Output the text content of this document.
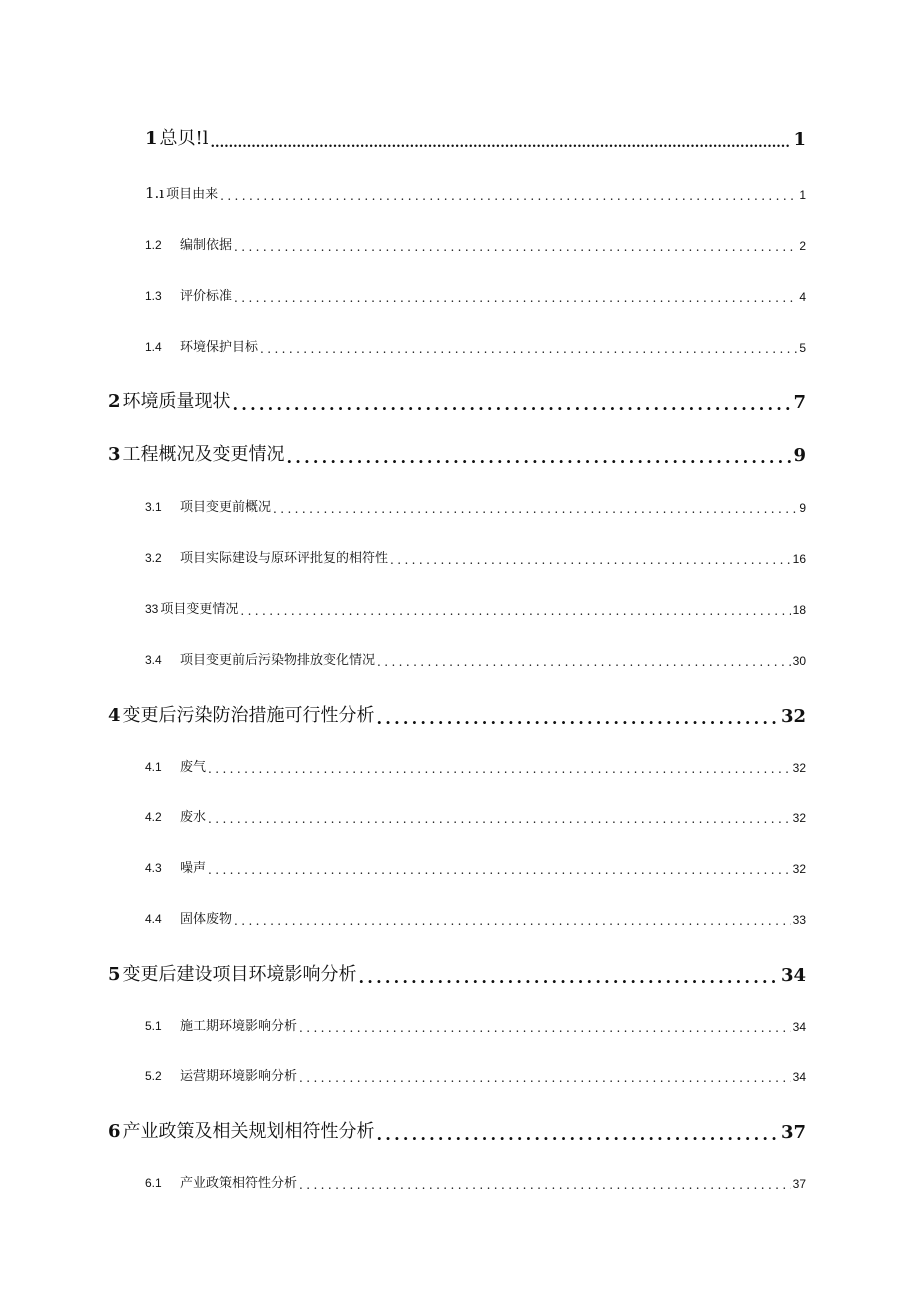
1 总贝!l .....	1
1.ı 项目由来 .....	1
1.2 编制依据 .....	2
1.3 评价标准 .....	4
1.4 环境保护目标 .....	5
2 环境质量现状 .....	7
3 工程概况及变更情况 .....	9
3.1 项目变更前概况 .....	9
3.2 项目实际建设与原环评批复的相符性 .....	16
33 项目变更情况 .....	18
3.4 项目变更前后污染物排放变化情况 .....	30
4 变更后污染防治措施可行性分析 .....	32
4.1 废气 .....	32
4.2 废水 .....	32
4.3 噪声 .....	32
4.4 固体废物 .....	33
5 变更后建设项目环境影响分析 .....	34
5.1 施工期环境影响分析 .....	34
5.2 运营期环境影响分析 .....	34
6 产业政策及相关规划相符性分析 .....	37
6.1 产业政策相符性分析 .....	37
